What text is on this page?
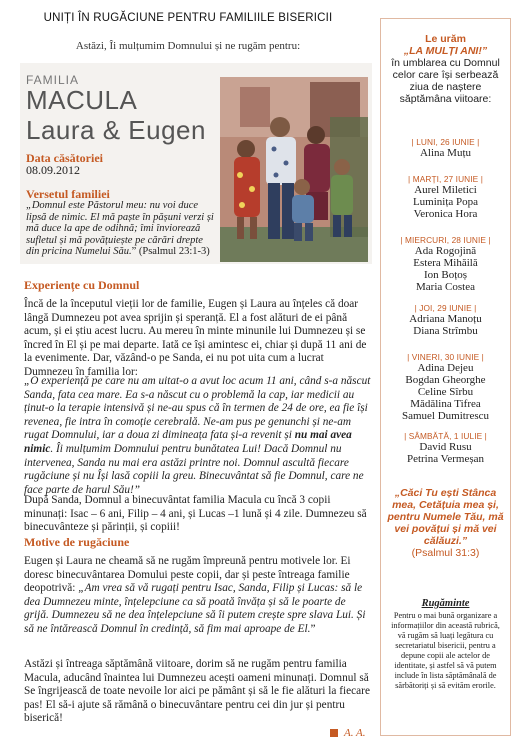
UNIȚI ÎN RUGĂCIUNE PENTRU FAMILIILE BISERICII
Astăzi, Îi mulțumim Domnului și ne rugăm pentru:
FAMILIA
MACULA
Laura & Eugen
Data căsătoriei
08.09.2012
Versetul familiei
„Domnul este Păstorul meu: nu voi duce lipsă de nimic. El mă paște în pășuni verzi și mă duce la ape de odihnă; îmi înviorează sufletul și mă povățuiește pe cărări drepte din pricina Numelui Său.” (Psalmul 23:1-3)
Experiențe cu Domnul
Încă de la începutul vieții lor de familie, Eugen și Laura au înțeles că doar lângă Dumnezeu pot avea sprijin și speranță. El a fost alături de ei până acum, și ei știu acest lucru. Au mereu în minte minunile lui Dumnezeu și se încred în El și pe mai departe. Iată ce își amintesc ei, chiar și după 11 ani de la evenimente. Dar, văzând-o pe Sanda, ei nu pot uita cum a lucrat Dumnezeu în familia lor:
„O experiență pe care nu am uitat-o a avut loc acum 11 ani, când s-a născut Sanda, fata cea mare. Ea s-a născut cu o problemă la cap, iar medicii au ținut-o la terapie intensivă și ne-au spus că în termen de 24 de ore, ea fie își revenea, fie intra în comoție cerebrală. Ne-am pus pe genunchi și ne-am rugat Domnului, iar a doua zi dimineața fata și-a revenit și nu mai avea nimic. Îi mulțumim Domnului pentru bunătatea Lui! Dacă Domnul nu intervenea, Sanda nu mai era astăzi printre noi. Domnul ascultă fiecare rugăciune și nu Își lasă copiii la greu. Binecuvântat să fie Domnul, care ne face parte de harul Său!”
După Sanda, Domnul a binecuvântat familia Macula cu încă 3 copii minunați: Isac – 6 ani, Filip – 4 ani, și Lucas –1 lună și 4 zile. Dumnezeu să binecuvânteze și părinții, și copiii!
Motive de rugăciune
Eugen și Laura ne cheamă să ne rugăm împreună pentru motivele lor. Ei doresc binecuvântarea Domului peste copii, dar și peste întreaga familie deopotrivă: „Am vrea să vă rugați pentru Isac, Sanda, Filip și Lucas: să le dea Dumnezeu minte, înțelepciune ca să poată învăța și să le poarte de grijă. Dumnezeu să ne dea înțelepciune să îi putem crește spre slava Lui. Și să ne întărească Domnul în credință, să fim mai aproape de El.”
Astăzi și întreaga săptămână viitoare, dorim să ne rugăm pentru familia Macula, aducând înaintea lui Dumnezeu acești oameni minunați. Domnul să Se îngrijească de toate nevoile lor aici pe pământ și să le fie alături la fiecare pas! El să-i ajute să rămână o binecuvântare pentru cei din jur și pentru biserică!
A. A.
Le urăm
„LA MULȚI ANI!”
în umblarea cu Domnul celor care își serbează ziua de naștere săptămâna viitoare:
| LUNI, 26 IUNIE |
Alina Muțu
| MARȚI, 27 IUNIE |
Aurel Miletici
Luminița Popa
Veronica Hora
| MIERCURI, 28 IUNIE |
Ada Rogojină
Estera Mihăilă
Ion Boțoș
Maria Costea
| JOI, 29 IUNIE |
Adriana Manoțu
Diana Strîmbu
| VINERI, 30 IUNIE |
Adina Dejeu
Bogdan Gheorghe
Celine Sîrbu
Mădălina Tifrea
Samuel Dumitrescu
| SÂMBĂTĂ, 1 IULIE |
David Rusu
Petrina Vermeșan
„Căci Tu ești Stânca mea, Cetățuia mea și, pentru Numele Tău, mă vei povățui și mă vei călăuzi.”
(Psalmul 31:3)
Rugăminte
Pentru o mai bună organizare a informațiilor din această rubrică, vă rugăm să luați legătura cu secretariatul bisericii, pentru a depune copii ale actelor de identitate, și astfel să vă putem include în lista săptămânală de sărbătoriți și să evităm erorile.
